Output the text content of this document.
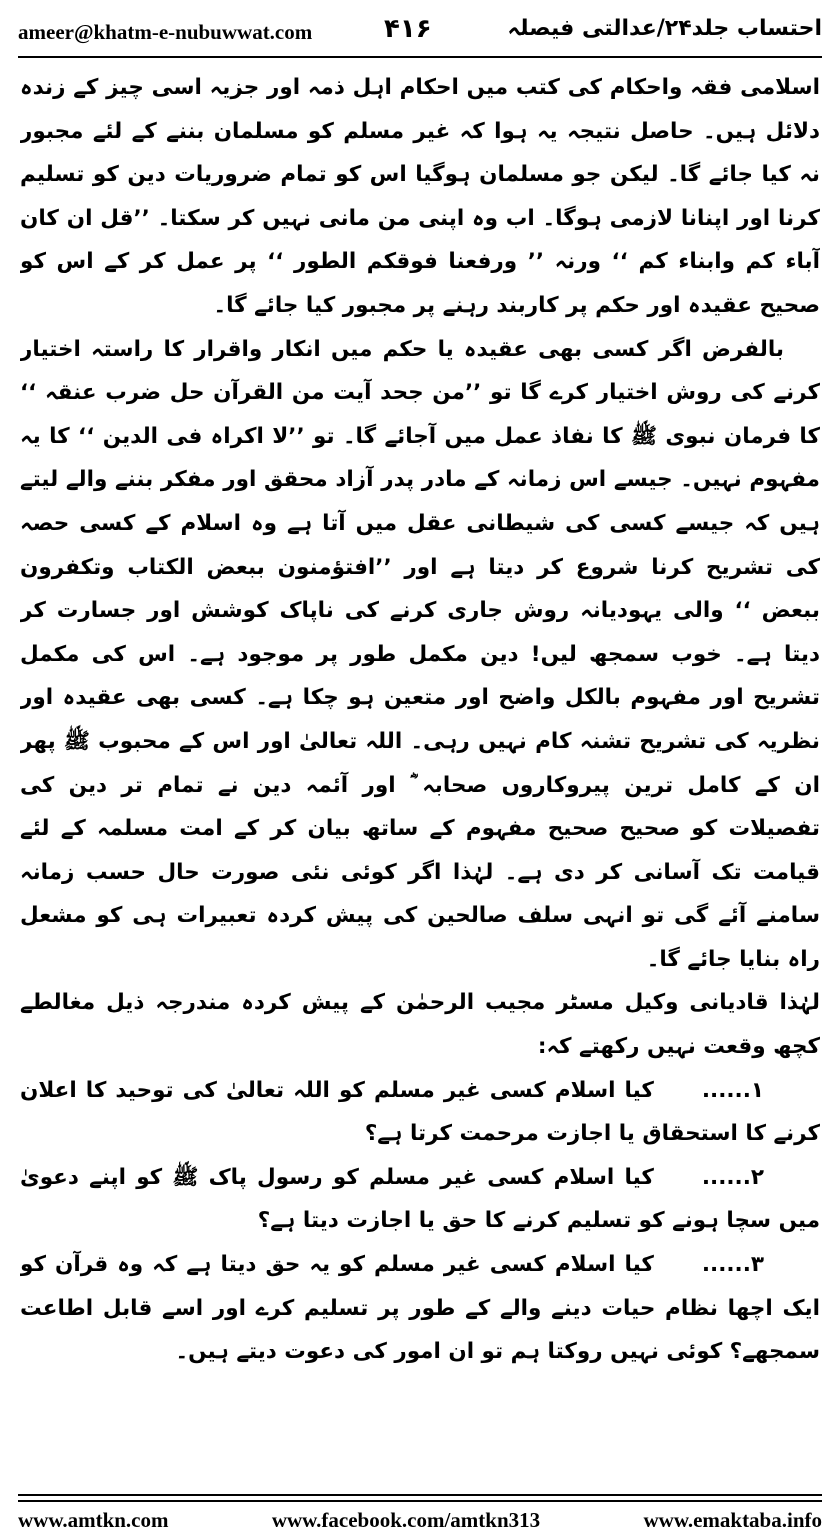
ameer@khatm-e-nubuwwat.com	۴۱۶	احتساب جلد۲۴/عدالتی فیصلہ

اسلامی فقہ واحکام کی کتب میں احکام اہل ذمہ اور جزیہ اسی چیز کے زندہ دلائل ہیں۔ حاصل نتیجہ یہ ہوا کہ غیر مسلم کو مسلمان بننے کے لئے مجبور نہ کیا جائے گا۔ لیکن جو مسلمان ہوگیا اس کو تمام ضروریات دین کو تسلیم کرنا اور اپنانا لازمی ہوگا۔ اب وہ اپنی من مانی نہیں کر سکتا۔ ’’قل ان کان آباء کم وابناء کم ‘‘ ورنہ ’’ ورفعنا فوقکم الطور ‘‘ پر عمل کر کے اس کو صحیح عقیدہ اور حکم پر کاربند رہنے پر مجبور کیا جائے گا۔

بالفرض اگر کسی بھی عقیدہ یا حکم میں انکار واقرار کا راستہ اختیار کرنے کی روش اختیار کرے گا تو ’’من جحد آیت من القرآن حل ضرب عنقہ ‘‘ کا فرمان نبوی ﷺ کا نفاذ عمل میں آجائے گا۔ تو ’’لا اکراہ فی الدین ‘‘ کا یہ مفہوم نہیں۔ جیسے اس زمانہ کے مادر پدر آزاد محقق اور مفکر بننے والے لیتے ہیں کہ جیسے کسی کی شیطانی عقل میں آتا ہے وہ اسلام کے کسی حصہ کی تشریح کرنا شروع کر دیتا ہے اور ’’افتؤمنون ببعض الکتاب وتکفرون ببعض ‘‘ والی یہودیانہ روش جاری کرنے کی ناپاک کوشش اور جسارت کر دیتا ہے۔ خوب سمجھ لیں! دین مکمل طور پر موجود ہے۔ اس کی مکمل تشریح اور مفہوم بالکل واضح اور متعین ہو چکا ہے۔ کسی بھی عقیدہ اور نظریہ کی تشریح تشنہ کام نہیں رہی۔ اللہ تعالیٰ اور اس کے محبوب ﷺ پھر ان کے کامل ترین پیروکاروں صحابہ ؓ اور آئمہ دین نے تمام تر دین کی تفصیلات کو صحیح صحیح مفہوم کے ساتھ بیان کر کے امت مسلمہ کے لئے قیامت تک آسانی کر دی ہے۔ لہٰذا اگر کوئی نئی صورت حال حسب زمانہ سامنے آئے گی تو انہی سلف صالحین کی پیش کردہ تعبیرات ہی کو مشعل راہ بنایا جائے گا۔

لہٰذا قادیانی وکیل مسٹر مجیب الرحمٰن کے پیش کردہ مندرجہ ذیل مغالطے کچھ وقعت نہیں رکھتے کہ:

۱......کیا اسلام کسی غیر مسلم کو اللہ تعالیٰ کی توحید کا اعلان کرنے کا استحقاق یا اجازت مرحمت کرتا ہے؟

۲......کیا اسلام کسی غیر مسلم کو رسول پاک ﷺ کو اپنے دعویٰ میں سچا ہونے کو تسلیم کرنے کا حق یا اجازت دیتا ہے؟

۳......کیا اسلام کسی غیر مسلم کو یہ حق دیتا ہے کہ وہ قرآن کو ایک اچھا نظام حیات دینے والے کے طور پر تسلیم کرے اور اسے قابل اطاعت سمجھے؟ کوئی نہیں روکتا ہم تو ان امور کی دعوت دیتے ہیں۔

www.amtkn.com	www.facebook.com/amtkn313	www.emaktaba.info
